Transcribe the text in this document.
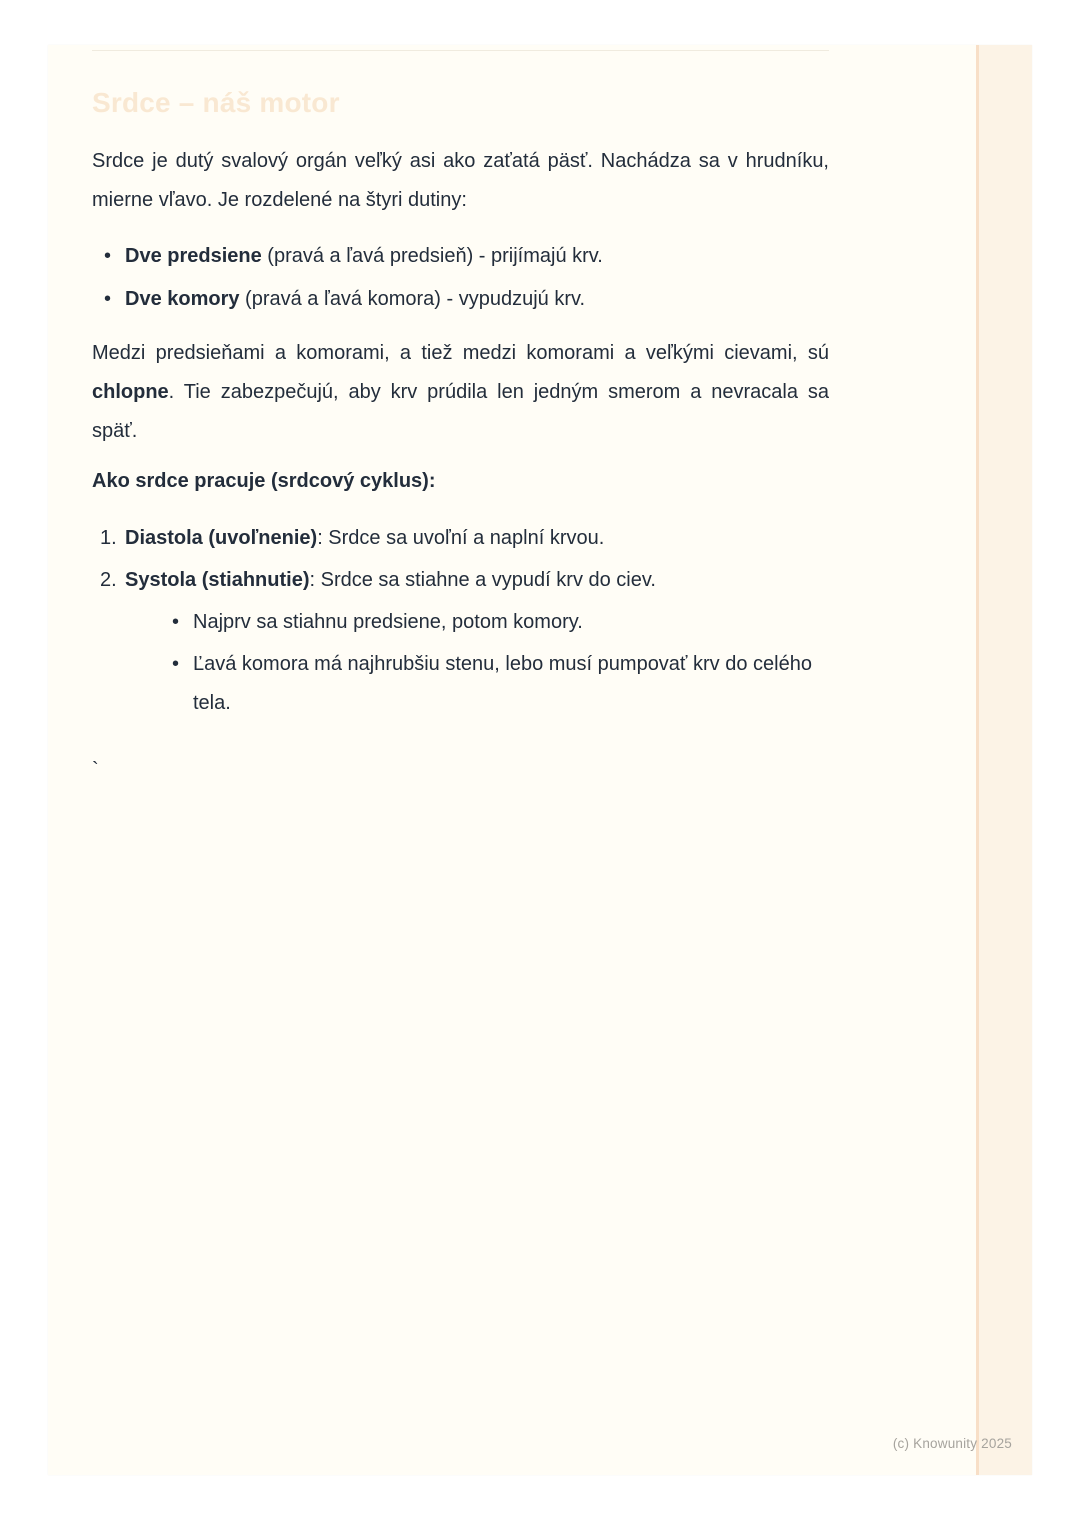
Srdce – náš motor

Srdce je dutý svalový orgán veľký asi ako zaťatá päsť. Nachádza sa v hrudníku, mierne vľavo. Je rozdelené na štyri dutiny:

• Dve predsiene (pravá a ľavá predsieň) - prijímajú krv.
• Dve komory (pravá a ľavá komora) - vypudzujú krv.

Medzi predsieňami a komorami, a tiež medzi komorami a veľkými cievami, sú chlopne. Tie zabezpečujú, aby krv prúdila len jedným smerom a nevracala sa späť.

Ako srdce pracuje (srdcový cyklus):
1. Diastola (uvoľnenie): Srdce sa uvoľní a naplní krvou.
2. Systola (stiahnutie): Srdce sa stiahne a vypudí krv do ciev.
• Najprv sa stiahnu predsiene, potom komory.
• Ľavá komora má najhrubšiu stenu, lebo musí pumpovať krv do celého tela.

`

(c) Knowunity 2025
